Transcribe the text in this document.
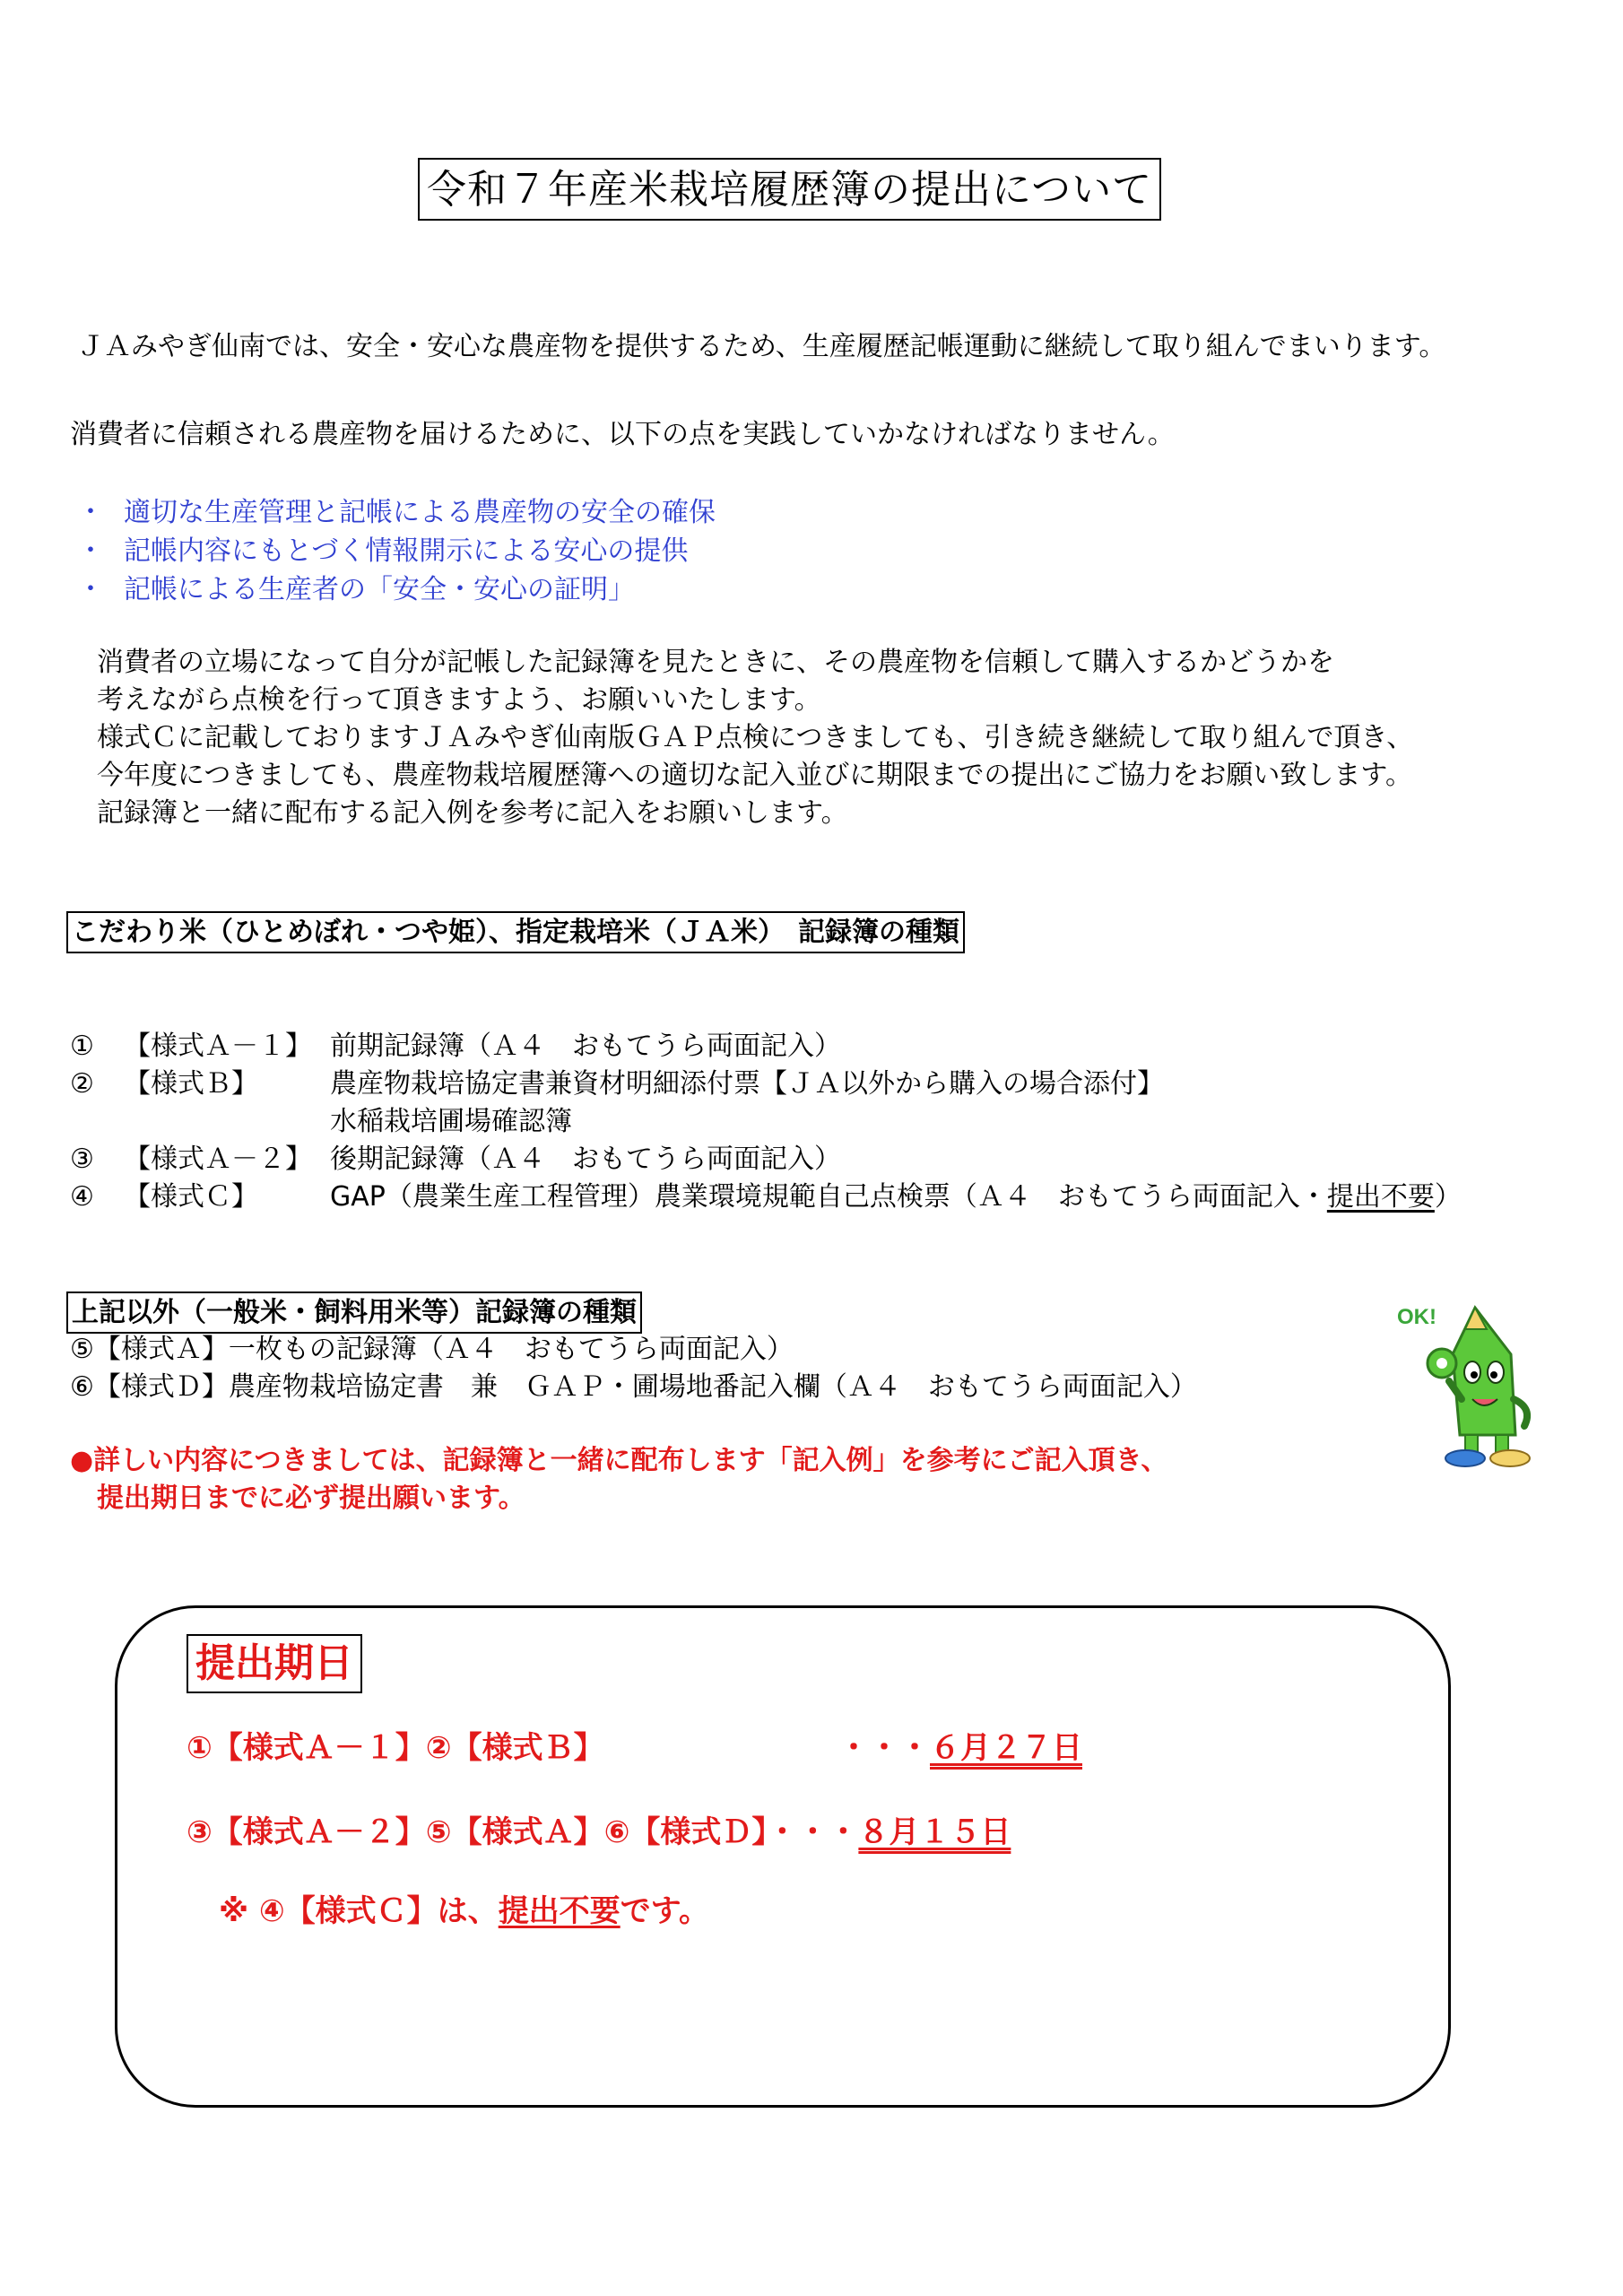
令和７年産米栽培履歴簿の提出について
ＪＡみやぎ仙南では、安全・安心な農産物を提供するため、生産履歴記帳運動に継続して取り組んでまいります。
消費者に信頼される農産物を届けるために、以下の点を実践していかなければなりません。
・ 適切な生産管理と記帳による農産物の安全の確保
・ 記帳内容にもとづく情報開示による安心の提供
・ 記帳による生産者の「安全・安心の証明」
消費者の立場になって自分が記帳した記録簿を見たときに、その農産物を信頼して購入するかどうかを
考えながら点検を行って頂きますよう、お願いいたします。
様式Ｃに記載しておりますＪＡみやぎ仙南版ＧＡＰ点検につきましても、引き続き継続して取り組んで頂き、
今年度につきましても、農産物栽培履歴簿への適切な記入並びに期限までの提出にご協力をお願い致します。
記録簿と一緒に配布する記入例を参考に記入をお願いします。
こだわり米（ひとめぼれ・つや姫）、指定栽培米（ＪＡ米）　記録簿の種類
①	【様式Ａ－１】 前期記録簿（Ａ４　おもてうら両面記入）
②	【様式Ｂ】	農産物栽培協定書兼資材明細添付票【ＪＡ以外から購入の場合添付】
水稲栽培圃場確認簿
③	【様式Ａ－２】 後期記録簿（Ａ４　おもてうら両面記入）
④	【様式Ｃ】	GAP（農業生産工程管理）農業環境規範自己点検票（Ａ４　おもてうら両面記入・提出不要）
上記以外（一般米・飼料用米等）記録簿の種類
⑤【様式Ａ】一枚もの記録簿（Ａ４　おもてうら両面記入）
⑥【様式Ｄ】農産物栽培協定書　兼　ＧＡＰ・圃場地番記入欄（Ａ４　おもてうら両面記入）
●詳しい内容につきましては、記録簿と一緒に配布します「記入例」を参考にご記入頂き、
提出期日までに必ず提出願います。
OK!
提出期日
①【様式Ａ－１】②【様式Ｂ】	・・・６月２７日
③【様式Ａ－２】⑤【様式Ａ】⑥【様式Ｄ】・・・８月１５日
※ ④【様式Ｃ】は、提出不要です。
